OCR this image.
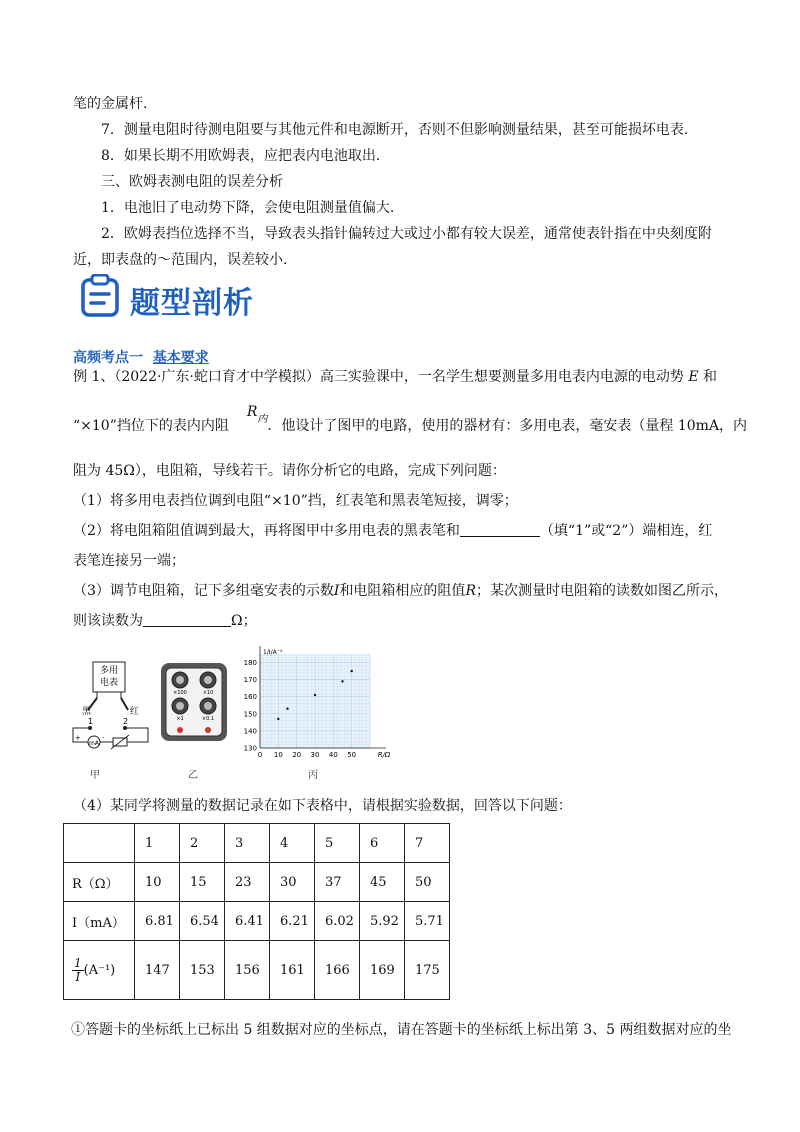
笔的金属杆.
7．测量电阻时待测电阻要与其他元件和电源断开，否则不但影响测量结果，甚至可能损坏电表.
8．如果长期不用欧姆表，应把表内电池取出.
三、欧姆表测电阻的误差分析
1．电池旧了电动势下降，会使电阻测量值偏大.
2．欧姆表挡位选择不当，导致表头指针偏转过大或过小都有较大误差，通常使表针指在中央刻度附
近，即表盘的～范围内，误差较小.
题型剖析
高频考点一 基本要求
例 1、（2022·广东·蛇口育才中学模拟）高三实验课中，一名学生想要测量多用电表内电源的电动势 E 和
“×10”挡位下的表内内阻$R^内$．他设计了图甲的电路，使用的器材有：多用电表，毫安表（量程 10mA，内
阻为 45Ω），电阻箱，导线若干。请你分析它的电路，完成下列问题：
（1）将多用电表挡位调到电阻“×10”挡，红表笔和黑表笔短接，调零；
（2）将电阻箱阻值调到最大，再将图甲中多用电表的黑表笔和	（填“1”或“2”）端相连，红
表笔连接另一端；
（3）调节电阻箱，记下多组毫安表的示数I和电阻箱相应的阻值R；某次测量时电阻箱的读数如图乙所示，
则该读数为	Ω；
多用
电表
黑	红
1	2
mA
+	-
甲
×100	×10
×1	×0.1
乙
0 10 20 30 40 50
130
140
150
160
170
180
R/Ω
1/I/A⁻¹
丙
（4）某同学将测量的数据记录在如下表格中，请根据实验数据，回答以下问题：
	1	2	3	4	5	6	7
R（Ω）	10	15	23	30	37	45	50
I（mA）	6.81	6.54	6.41	6.21	6.02	5.92	5.71

$\frac{1}{I} (A^{-1})$	147	153	156	161	166	169	175
①答题卡的坐标纸上已标出 5 组数据对应的坐标点，请在答题卡的坐标纸上标出第 3、5 两组数据对应的坐
